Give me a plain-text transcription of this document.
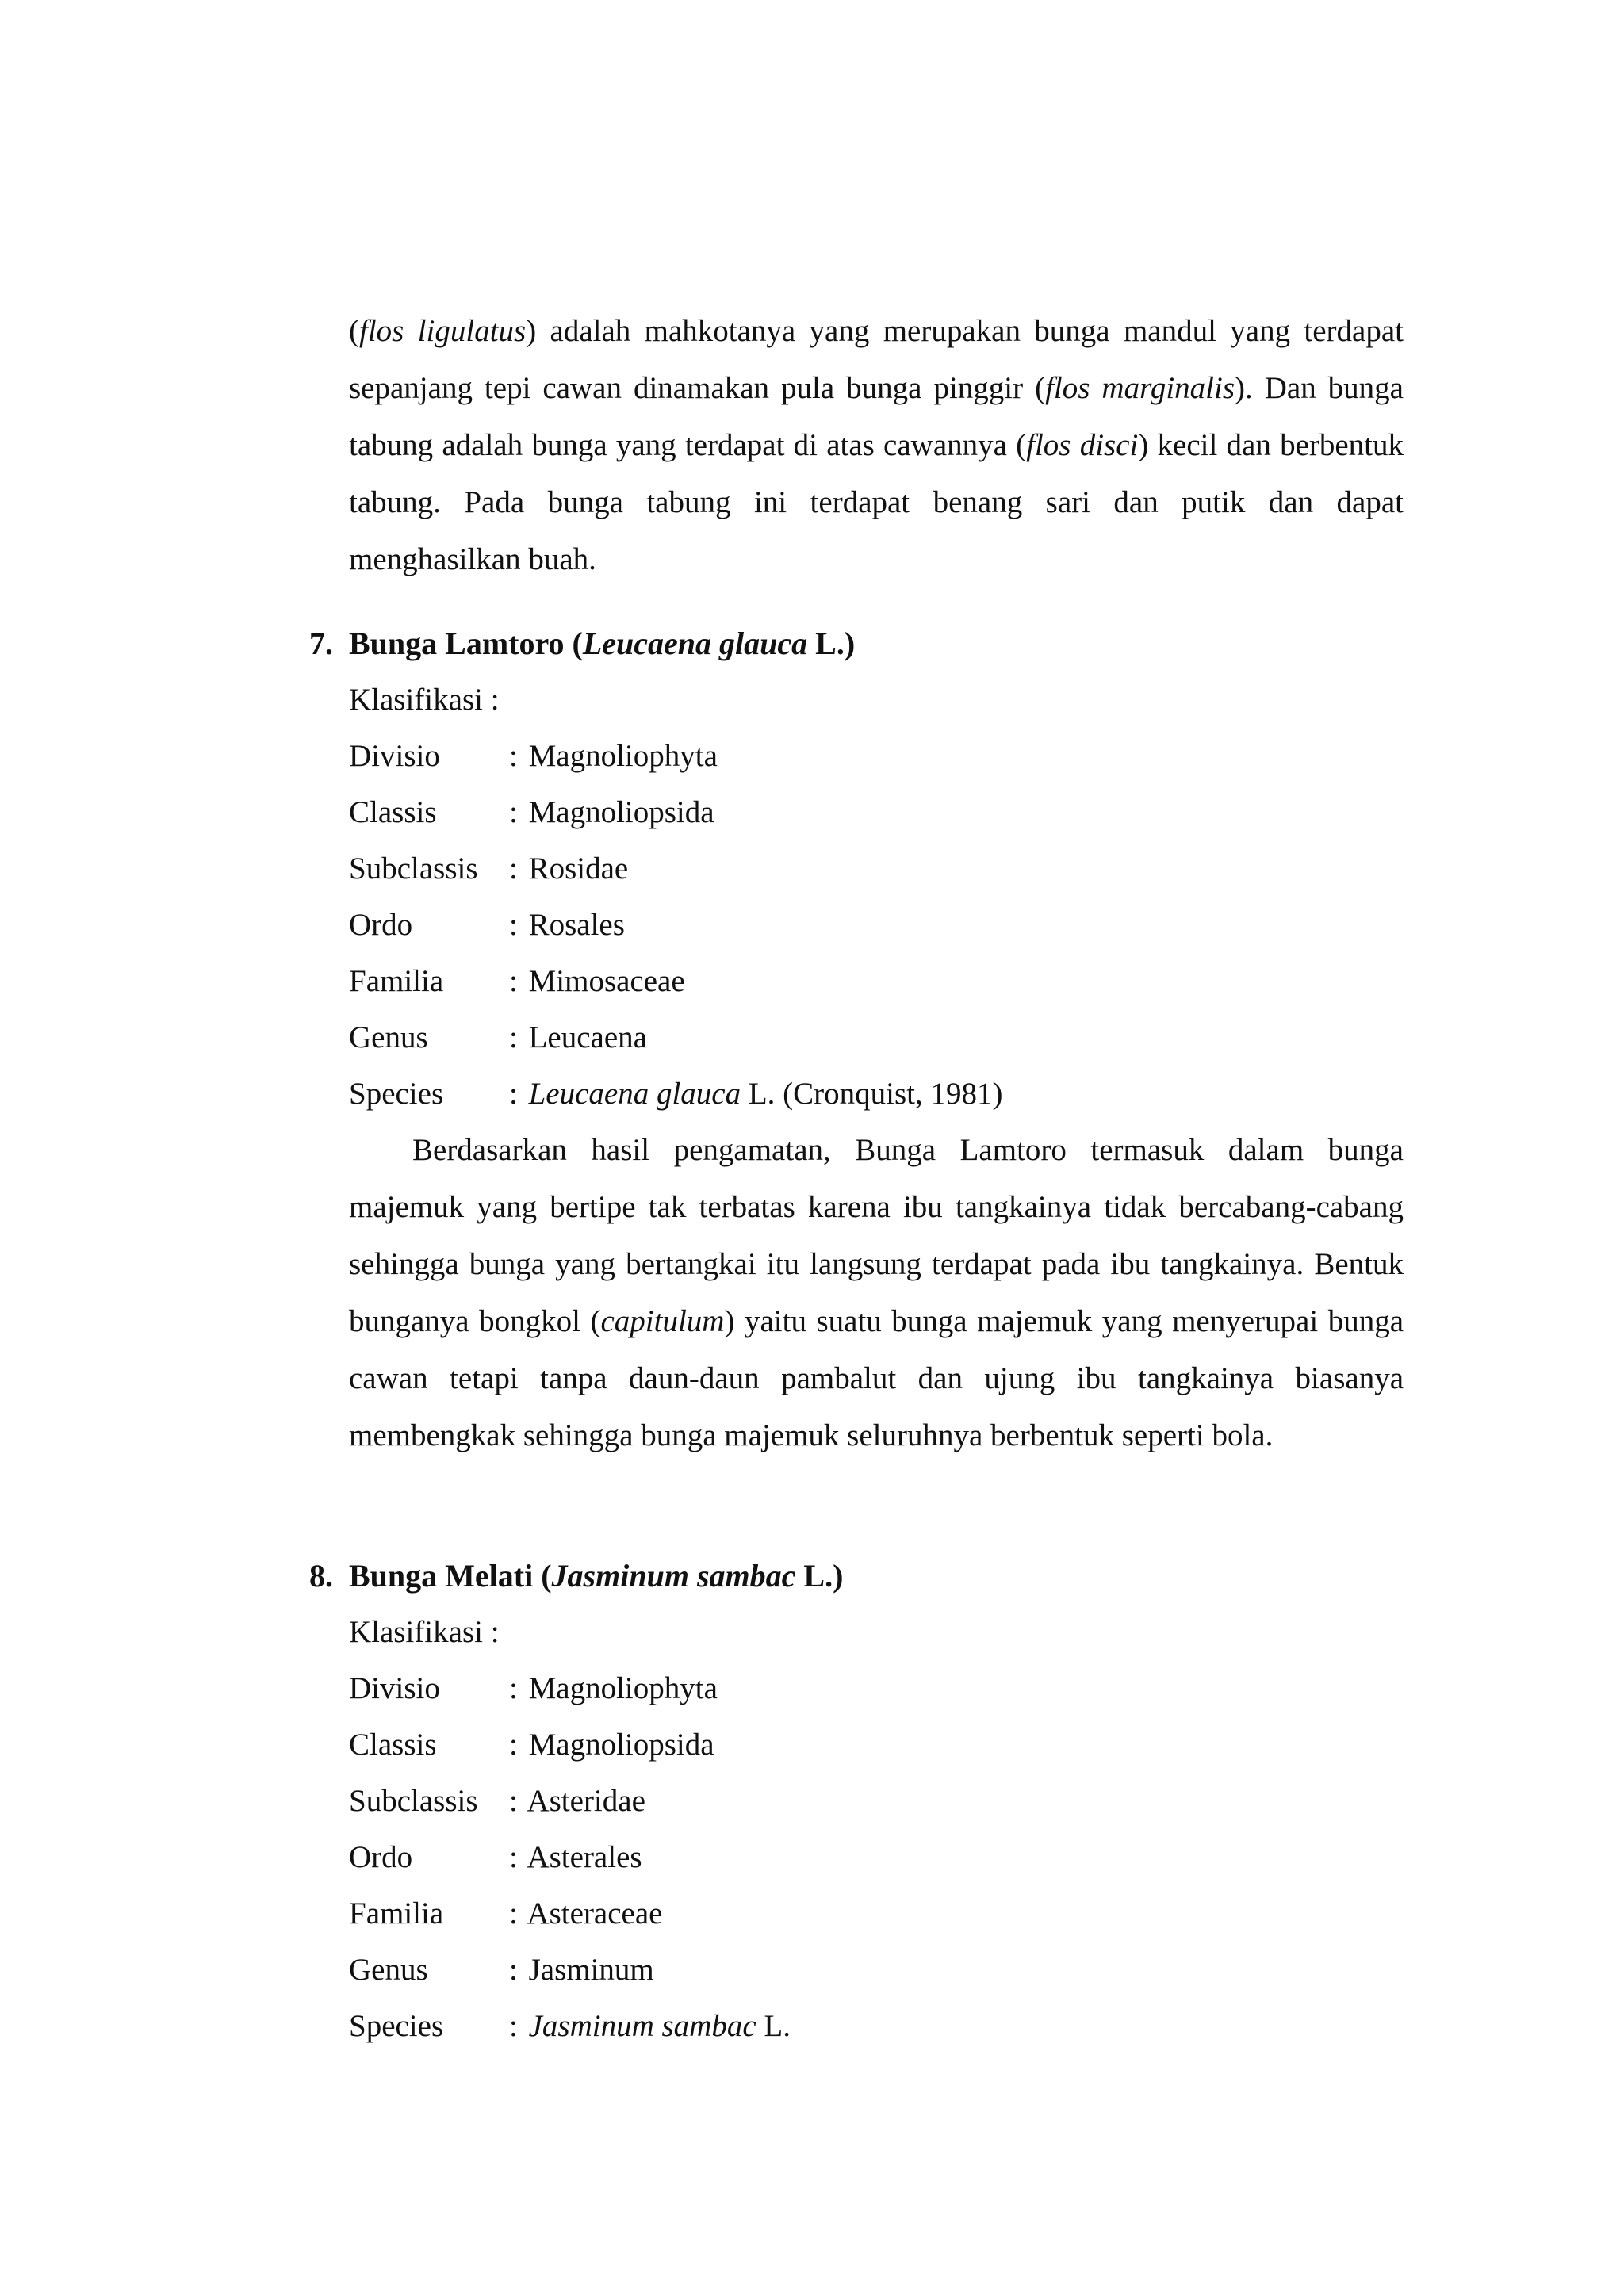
(flos ligulatus) adalah mahkotanya yang merupakan bunga mandul yang terdapat sepanjang tepi cawan dinamakan pula bunga pinggir (flos marginalis). Dan bunga tabung adalah bunga yang terdapat di atas cawannya (flos disci) kecil dan berbentuk tabung. Pada bunga tabung ini terdapat benang sari dan putik dan dapat menghasilkan buah.

7. Bunga Lamtoro (Leucaena glauca L.)
Klasifikasi :
Divisio : Magnoliophyta
Classis : Magnoliopsida
Subclassis : Rosidae
Ordo	: Rosales
Familia : Mimosaceae
Genus	: Leucaena
Species : Leucaena glauca L. (Cronquist, 1981)

Berdasarkan hasil pengamatan, Bunga Lamtoro termasuk dalam bunga majemuk yang bertipe tak terbatas karena ibu tangkainya tidak bercabang-cabang sehingga bunga yang bertangkai itu langsung terdapat pada ibu tangkainya. Bentuk bunganya bongkol (capitulum) yaitu suatu bunga majemuk yang menyerupai bunga cawan tetapi tanpa daun-daun pambalut dan ujung ibu tangkainya biasanya membengkak sehingga bunga majemuk seluruhnya berbentuk seperti bola.

8. Bunga Melati (Jasminum sambac L.)
Klasifikasi :
Divisio : Magnoliophyta
Classis : Magnoliopsida
Subclassis : Asteridae
Ordo	: Asterales
Familia : Asteraceae
Genus	: Jasminum
Species : Jasminum sambac L.
